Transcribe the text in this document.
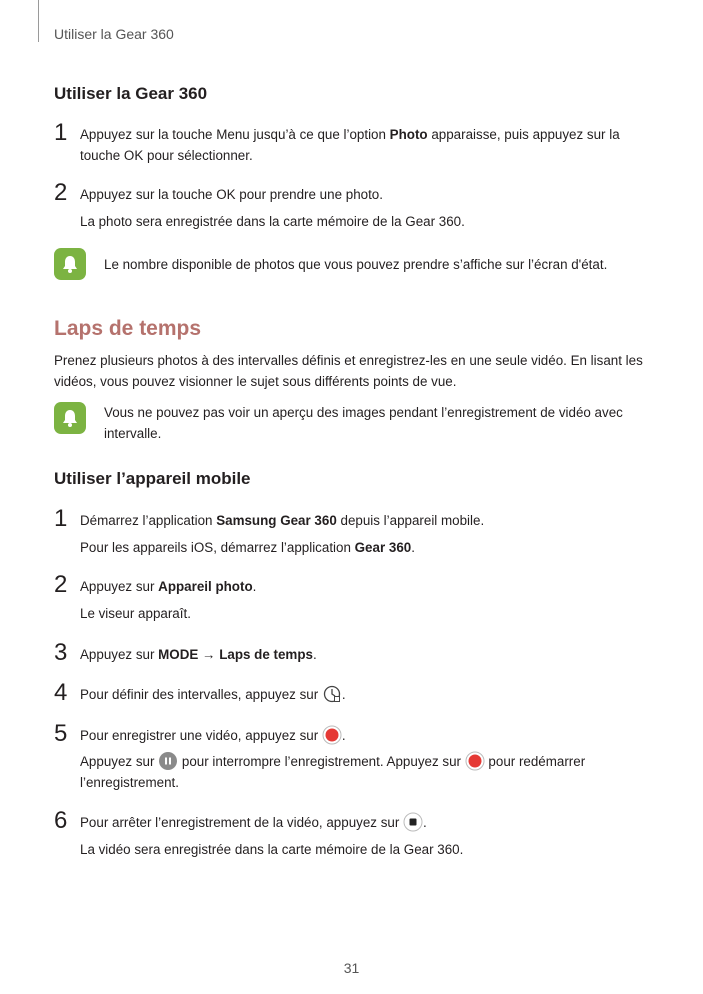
Utiliser la Gear 360
Utiliser la Gear 360
1 Appuyez sur la touche Menu jusqu’à ce que l’option Photo apparaisse, puis appuyez sur la touche OK pour sélectionner.
2 Appuyez sur la touche OK pour prendre une photo.
La photo sera enregistrée dans la carte mémoire de la Gear 360.
Le nombre disponible de photos que vous pouvez prendre s’affiche sur l’écran d'état.
Laps de temps
Prenez plusieurs photos à des intervalles définis et enregistrez-les en une seule vidéo. En lisant les vidéos, vous pouvez visionner le sujet sous différents points de vue.
Vous ne pouvez pas voir un aperçu des images pendant l’enregistrement de vidéo avec intervalle.
Utiliser l’appareil mobile
1 Démarrez l’application Samsung Gear 360 depuis l’appareil mobile.
Pour les appareils iOS, démarrez l’application Gear 360.
2 Appuyez sur Appareil photo.
Le viseur apparaît.
3 Appuyez sur MODE → Laps de temps.
4 Pour définir des intervalles, appuyez sur .
5 Pour enregistrer une vidéo, appuyez sur .
Appuyez sur  pour interrompre l’enregistrement. Appuyez sur  pour redémarrer l’enregistrement.
6 Pour arrêter l’enregistrement de la vidéo, appuyez sur .
La vidéo sera enregistrée dans la carte mémoire de la Gear 360.
31
